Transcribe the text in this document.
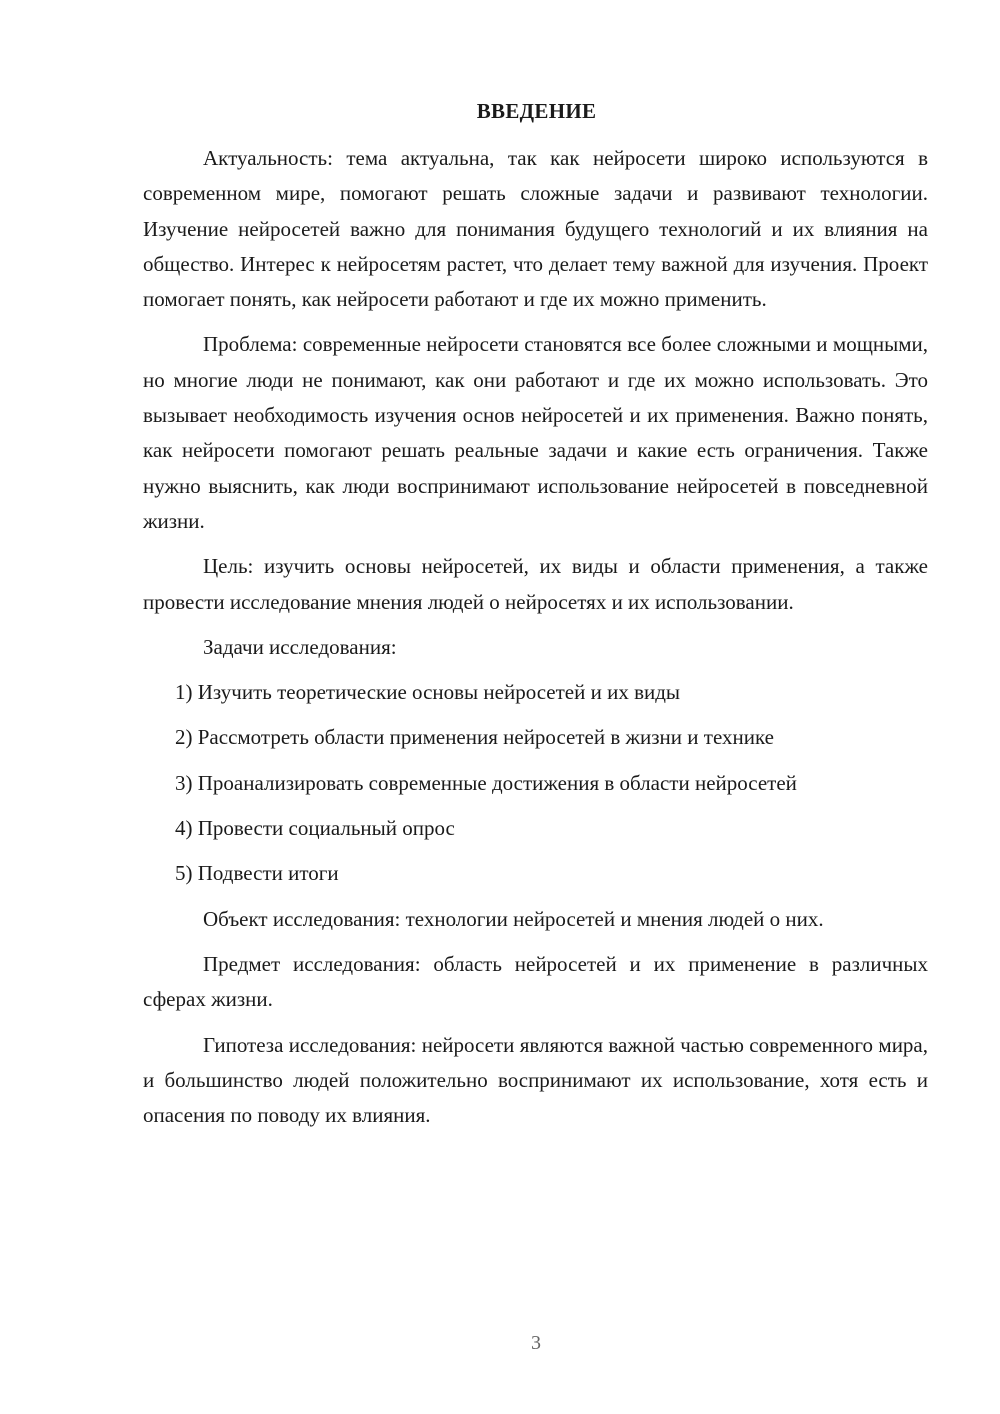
ВВЕДЕНИЕ

Актуальность: тема актуальна, так как нейросети широко используются в современном мире, помогают решать сложные задачи и развивают технологии. Изучение нейросетей важно для понимания будущего технологий и их влияния на общество. Интерес к нейросетям растет, что делает тему важной для изучения. Проект помогает понять, как нейросети работают и где их можно применить.

Проблема: современные нейросети становятся все более сложными и мощными, но многие люди не понимают, как они работают и где их можно использовать. Это вызывает необходимость изучения основ нейросетей и их применения. Важно понять, как нейросети помогают решать реальные задачи и какие есть ограничения. Также нужно выяснить, как люди воспринимают использование нейросетей в повседневной жизни.

Цель: изучить основы нейросетей, их виды и области применения, а также провести исследование мнения людей о нейросетях и их использовании.

Задачи исследования:

1) Изучить теоретические основы нейросетей и их виды
2) Рассмотреть области применения нейросетей в жизни и технике
3) Проанализировать современные достижения в области нейросетей
4) Провести социальный опрос
5) Подвести итоги

Объект исследования: технологии нейросетей и мнения людей о них.

Предмет исследования: область нейросетей и их применение в различных сферах жизни.

Гипотеза исследования: нейросети являются важной частью современного мира, и большинство людей положительно воспринимают их использование, хотя есть и опасения по поводу их влияния.

3
